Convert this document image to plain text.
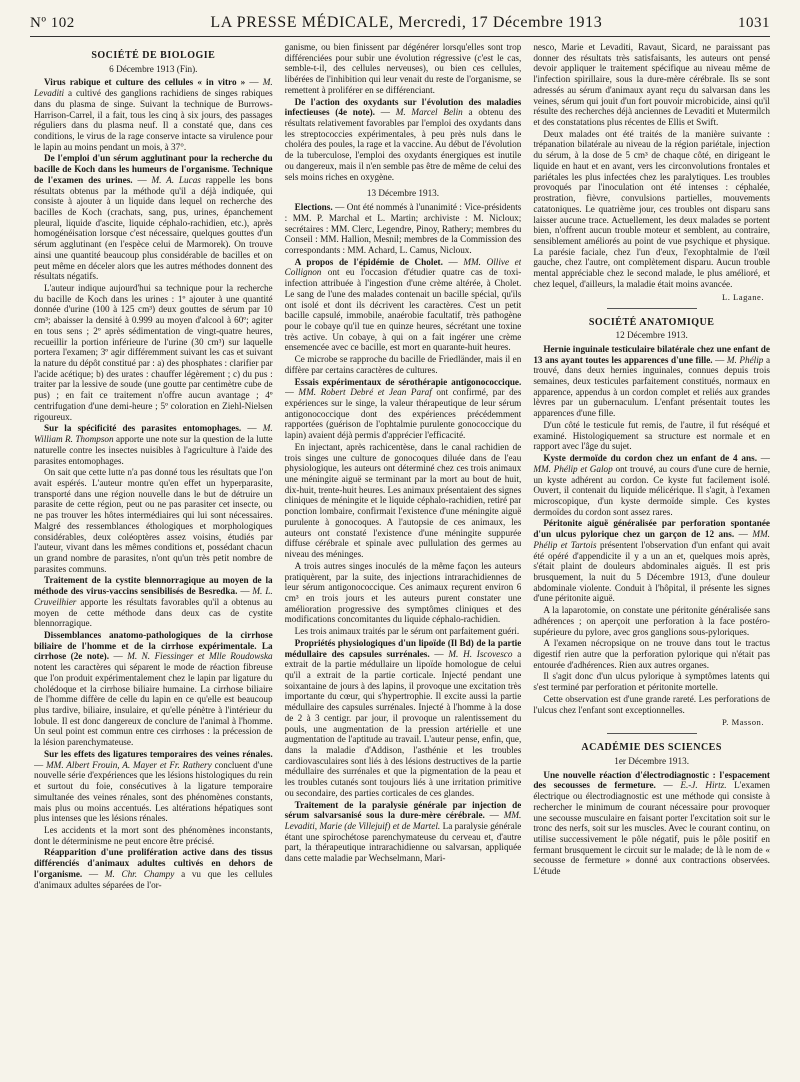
Nº 102	LA PRESSE MÉDICALE, Mercredi, 17 Décembre 1913	1031
SOCIÉTÉ DE BIOLOGIE
6 Décembre 1913 (Fin).

Virus rabique et culture des cellules « in vitro » — M. Levaditi a cultivé des ganglions rachidiens de singes rabiques dans du plasma de singe. Suivant la technique de Burrows-Harrison-Carrel, il a fait, tous les cinq à six jours, des passages réguliers dans du plasma neuf. Il a constaté que, dans ces conditions, le virus de la rage conserve intacte sa virulence pour le lapin au moins pendant un mois, à 37°.

De l'emploi d'un sérum agglutinant pour la recherche du bacille de Koch dans les humeurs de l'organisme. Technique de l'examen des urines. — M. A. Lucas rappelle les bons résultats obtenus par la méthode qu'il a déjà indiquée, qui consiste à ajouter à un liquide dans lequel on recherche des bacilles de Koch (crachats, sang, pus, urines, épanchement pleural, liquide d'ascite, liquide céphalo-rachidien, etc.), après homogénéisation lorsque c'est nécessaire, quelques gouttes d'un sérum agglutinant (en l'espèce celui de Marmorek). On trouve ainsi une quantité beaucoup plus considérable de bacilles et on peut même en déceler alors que les autres méthodes donnent des résultats négatifs.

L'auteur indique aujourd'hui sa technique pour la recherche du bacille de Koch dans les urines : 1º ajouter à une quantité donnée d'urine (100 à 125 cm³) deux gouttes de sérum par 10 cm³; abaisser la densité à 0.999 au moyen d'alcool à 60º; agiter en tous sens ; 2º après sédimentation de vingt-quatre heures, recueillir la portion inférieure de l'urine (30 cm³) sur laquelle portera l'examen; 3º agir différemment suivant les cas et suivant la nature du dépôt constitué par : a) des phosphates : clarifier par l'acide acétique; b) des urates : chauffer légèrement ; c) du pus : traiter par la lessive de soude (une goutte par centimètre cube de pus) ; en fait ce traitement n'offre aucun avantage ; 4º centrifugation d'une demi-heure ; 5º coloration en Ziehl-Nielsen rigoureux.

Sur la spécificité des parasites entomophages. — M. William R. Thompson apporte une note sur la question de la lutte naturelle contre les insectes nuisibles à l'agriculture à l'aide des parasites entomophages.

On sait que cette lutte n'a pas donné tous les résultats que l'on avait espérés. L'auteur montre qu'en effet un hyperparasite, transporté dans une région nouvelle dans le but de détruire un parasite de cette région, peut ou ne pas parasiter cet insecte, ou ne pas trouver les hôtes intermédiaires qui lui sont nécessaires. Malgré des ressemblances éthologiques et morphologiques considérables, deux coléoptères assez voisins, étudiés par l'auteur, vivant dans les mêmes conditions et, possédant chacun un grand nombre de parasites, n'ont qu'un très petit nombre de parasites communs.

Traitement de la cystite blennorragique au moyen de la méthode des virus-vaccins sensibilisés de Besredka. — M. L. Cruveilhier apporte les résultats favorables qu'il a obtenus au moyen de cette méthode dans deux cas de cystite blennorragique.

Dissemblances anatomo-pathologiques de la cirrhose biliaire de l'homme et de la cirrhose expérimentale. La cirrhose (2e note). — M. N. Fiessinger et Mlle Roudowska notent les caractères qui séparent le mode de réaction fibreuse que l'on produit expérimentalement chez le lapin par ligature du cholédoque et la cirrhose biliaire humaine. La cirrhose biliaire de l'homme diffère de celle du lapin en ce qu'elle est beaucoup plus tardive, biliaire, insulaire, et qu'elle pénètre à l'intérieur du lobule. Il est donc dangereux de conclure de l'animal à l'homme. Un seul point est commun entre ces cirrhoses : la précession de la lésion parenchymateuse.

Sur les effets des ligatures temporaires des veines rénales. — MM. Albert Frouin, A. Mayer et Fr. Rathery concluent d'une nouvelle série d'expériences que les lésions histologiques du rein et surtout du foie, consécutives à la ligature temporaire simultanée des veines rénales, sont des phénomènes constants, mais plus ou moins accentués. Les altérations hépatiques sont plus intenses que les lésions rénales.

Les accidents et la mort sont des phénomènes inconstants, dont le déterminisme ne peut encore être précisé.

Réapparition d'une prolifération active dans des tissus différenciés d'animaux adultes cultivés en dehors de l'organisme. — M. Chr. Champy a vu que les cellules d'animaux adultes séparées de l'or-

ganisme, ou bien finissent par dégénérer lorsqu'elles sont trop différenciées pour subir une évolution régressive (c'est le cas, semble-t-il, des cellules nerveuses), ou bien ces cellules, libérées de l'inhibition qui leur venait du reste de l'organisme, se remettent à proliférer en se différenciant.

De l'action des oxydants sur l'évolution des maladies infectieuses (4e note). — M. Marcel Belin a obtenu des résultats relativement favorables par l'emploi des oxydants dans les streptococcies expérimentales, à peu près nuls dans le choléra des poules, la rage et la vaccine. Au début de l'évolution de la tuberculose, l'emploi des oxydants énergiques est inutile ou dangereux, mais il n'en semble pas être de même de celui des sels moins riches en oxygène.

13 Décembre 1913.

Elections. — Ont été nommés à l'unanimité : Vice-présidents : MM. P. Marchal et L. Martin; archiviste : M. Nicloux; secrétaires : MM. Clerc, Legendre, Pinoy, Rathery; membres du Conseil : MM. Hallion, Mesnil; membres de la Commission des correspondants : MM. Achard, L. Camus, Nicloux.

A propos de l'épidémie de Cholet. — MM. Ollive et Collignon ont eu l'occasion d'étudier quatre cas de toxi-infection attribuée à l'ingestion d'une crème altérée, à Cholet. Le sang de l'une des malades contenait un bacille spécial, qu'ils ont isolé et dont ils décrivent les caractères. C'est un petit bacille capsulé, immobile, anaérobie facultatif, très pathogène pour le cobaye qu'il tue en quinze heures, sécrétant une toxine très active. Un cobaye, à qui on a fait ingérer une crème ensemencée avec ce bacille, est mort en quarante-huit heures.

Ce microbe se rapproche du bacille de Friedländer, mais il en diffère par certains caractères de cultures.

Essais expérimentaux de sérothérapie antigonococcique. — MM. Robert Debré et Jean Paraf ont confirmé, par des expériences sur le singe, la valeur thérapeutique de leur sérum antigonococcique dont des expériences précédemment rapportées (guérison de l'ophtalmie purulente gonococcique du lapin) avaient déjà permis d'apprécier l'efficacité.

En injectant, après rachicentèse, dans le canal rachidien de trois singes une culture de gonocoques diluée dans de l'eau physiologique, les auteurs ont déterminé chez ces trois animaux une méningite aiguë se terminant par la mort au bout de huit, dix-huit, trente-huit heures. Les animaux présentaient des signes cliniques de méningite et le liquide céphalo-rachidien, retiré par ponction lombaire, confirmait l'existence d'une méningite aiguë purulente à gonocoques. A l'autopsie de ces animaux, les auteurs ont constaté l'existence d'une méningite suppurée diffuse cérébrale et spinale avec pullulation des germes au niveau des méninges.

A trois autres singes inoculés de la même façon les auteurs pratiquèrent, par la suite, des injections intrarachidiennes de leur sérum antigonococcique. Ces animaux reçurent environ 6 cm³ en trois jours et les auteurs purent constater une amélioration progressive des symptômes cliniques et des modifications concomitantes du liquide céphalo-rachidien.

Les trois animaux traités par le sérum ont parfaitement guéri.

Propriétés physiologiques d'un lipoïde (Il Bd) de la partie médullaire des capsules surrénales. — M. H. Iscovesco a extrait de la partie médullaire un lipoïde homologue de celui qu'il a extrait de la partie corticale. Injecté pendant une soixantaine de jours à des lapins, il provoque une excitation très importante du cœur, qui s'hypertrophie. Il excite aussi la partie médullaire des capsules surrénales. Injecté à l'homme à la dose de 2 à 3 centigr. par jour, il provoque un ralentissement du pouls, une augmentation de la pression artérielle et une augmentation de l'aptitude au travail. L'auteur pense, enfin, que, dans la maladie d'Addison, l'asthénie et les troubles cardiovasculaires sont liés à des lésions destructives de la partie médullaire des surrénales et que la pigmentation de la peau et les troubles cutanés sont toujours liés à une irritation primitive ou secondaire, des parties corticales de ces glandes.

Traitement de la paralysie générale par injection de sérum salvarsanisé sous la dure-mère cérébrale. — MM. Levaditi, Marie (de Villejuif) et de Martel. La paralysie générale étant une spirochétose parenchymateuse du cerveau et, d'autre part, la thérapeutique intrarachidienne ou salvarsan, appliquée dans cette maladie par Wechselmann, Mari-

nesco, Marie et Levaditi, Ravaut, Sicard, ne paraissant pas donner des résultats très satisfaisants, les auteurs ont pensé devoir appliquer le traitement spécifique au niveau même de l'infection spirillaire, sous la dure-mère cérébrale. Ils se sont adressés au sérum d'animaux ayant reçu du salvarsan dans les veines, sérum qui jouit d'un fort pouvoir microbicide, ainsi qu'il résulte des recherches déjà anciennes de Levaditi et Mutermilch et des constatations plus récentes de Ellis et Swift.

Deux malades ont été traités de la manière suivante : trépanation bilatérale au niveau de la région pariétale, injection du sérum, à la dose de 5 cm³ de chaque côté, en dirigeant le liquide en haut et en avant, vers les circonvolutions frontales et pariétales les plus infectées chez les paralytiques. Les troubles provoqués par l'inoculation ont été intenses : céphalée, prostration, fièvre, convulsions partielles, mouvements catatoniques. Le quatrième jour, ces troubles ont disparu sans laisser aucune trace. Actuellement, les deux malades se portent bien, n'offrent aucun trouble moteur et semblent, au contraire, sensiblement améliorés au point de vue psychique et physique. La parésie faciale, chez l'un d'eux, l'exophtalmie de l'œil gauche, chez l'autre, ont complètement disparu. Aucun trouble mental appréciable chez le second malade, le plus amélioré, et chez lequel, d'ailleurs, la maladie était moins avancée.

L. Lagane.
SOCIÉTÉ ANATOMIQUE
12 Décembre 1913.

Hernie inguinale testiculaire bilatérale chez une enfant de 13 ans ayant toutes les apparences d'une fille. — M. Phélip a trouvé, dans deux hernies inguinales, connues depuis trois semaines, deux testicules parfaitement constitués, normaux en apparence, appendus à un cordon complet et reliés aux grandes lèvres par un gubernaculum. L'enfant présentait toutes les apparences d'une fille.

D'un côté le testicule fut remis, de l'autre, il fut réséqué et examiné. Histologiquement sa structure est normale et en rapport avec l'âge du sujet.

Kyste dermoïde du cordon chez un enfant de 4 ans. — MM. Phélip et Galop ont trouvé, au cours d'une cure de hernie, un kyste adhérent au cordon. Ce kyste fut facilement isolé. Ouvert, il contenait du liquide mélicérique. Il s'agit, à l'examen microscopique, d'un kyste dermoïde simple. Ces kystes dermoïdes du cordon sont assez rares.

Péritonite aiguë généralisée par perforation spontanée d'un ulcus pylorique chez un garçon de 12 ans. — MM. Phélip et Tartois présentent l'observation d'un enfant qui avait été opéré d'appendicite il y a un an et, quelques mois après, s'était plaint de douleurs abdominales aiguës. Il est pris brusquement, la nuit du 5 Décembre 1913, d'une douleur abdominale violente. Conduit à l'hôpital, il présente les signes d'une péritonite aiguë.

A la laparotomie, on constate une péritonite généralisée sans adhérences ; on aperçoit une perforation à la face postéro-supérieure du pylore, avec gros ganglions sous-pyloriques.

A l'examen nécropsique on ne trouve dans tout le tractus digestif rien autre que la perforation pylorique qui n'était pas entourée d'adhérences. Rien aux autres organes.

Il s'agit donc d'un ulcus pylorique à symptômes latents qui s'est terminé par perforation et péritonite mortelle.

Cette observation est d'une grande rareté. Les perforations de l'ulcus chez l'enfant sont exceptionnelles.

P. Masson.
ACADÉMIE DES SCIENCES
1er Décembre 1913.

Une nouvelle réaction d'électrodiagnostic : l'espacement des secousses de fermeture. — E.-J. Hirtz. L'examen électrique ou électrodiagnostic est une méthode qui consiste à rechercher le minimum de courant nécessaire pour provoquer une secousse musculaire en faisant porter l'excitation soit sur le tronc des nerfs, soit sur les muscles. Avec le courant continu, on utilise successivement le pôle négatif, puis le pôle positif en fermant brusquement le circuit sur le malade; de là le nom de « secousse de fermeture » donné aux contractions observées. L'étude
